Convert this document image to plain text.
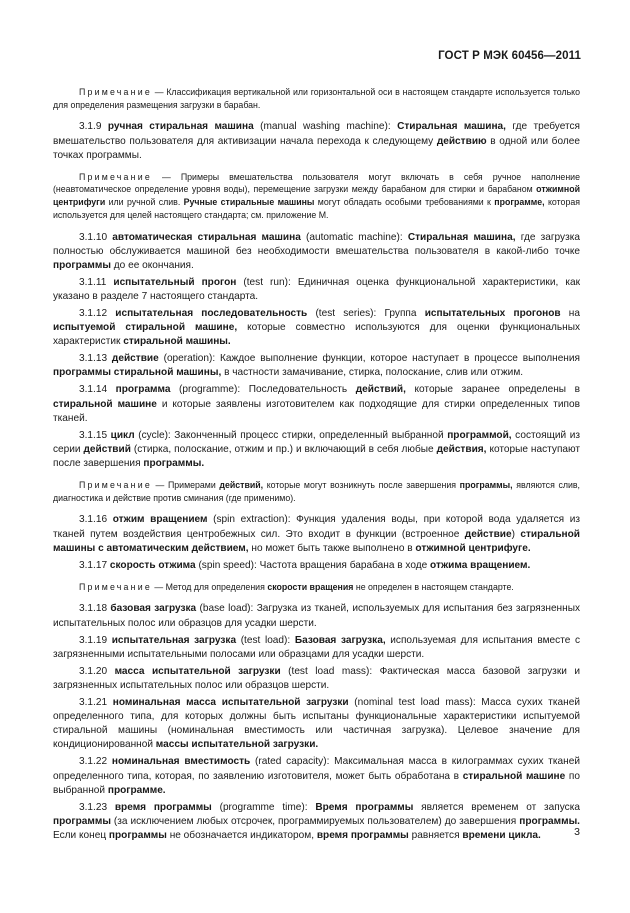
ГОСТ Р МЭК 60456—2011

Примечание — Классификация вертикальной или горизонтальной оси в настоящем стандарте используется только для определения размещения загрузки в барабан.

3.1.9 ручная стиральная машина (manual washing machine): Стиральная машина, где требуется вмешательство пользователя для активизации начала перехода к следующему действию в одной или более точках программы.

Примечание — Примеры вмешательства пользователя могут включать в себя ручное наполнение (неавтоматическое определение уровня воды), перемещение загрузки между барабаном для стирки и барабаном отжимной центрифуги или ручной слив. Ручные стиральные машины могут обладать особыми требованиями к программе, которая используется для целей настоящего стандарта; см. приложение М.

3.1.10 автоматическая стиральная машина (automatic machine): Стиральная машина, где загрузка полностью обслуживается машиной без необходимости вмешательства пользователя в какой-либо точке программы до ее окончания.

3.1.11 испытательный прогон (test run): Единичная оценка функциональной характеристики, как указано в разделе 7 настоящего стандарта.

3.1.12 испытательная последовательность (test series): Группа испытательных прогонов на испытуемой стиральной машине, которые совместно используются для оценки функциональных характеристик стиральной машины.

3.1.13 действие (operation): Каждое выполнение функции, которое наступает в процессе выполнения программы стиральной машины, в частности замачивание, стирка, полоскание, слив или отжим.

3.1.14 программа (programme): Последовательность действий, которые заранее определены в стиральной машине и которые заявлены изготовителем как подходящие для стирки определенных типов тканей.

3.1.15 цикл (cycle): Законченный процесс стирки, определенный выбранной программой, состоящий из серии действий (стирка, полоскание, отжим и пр.) и включающий в себя любые действия, которые наступают после завершения программы.

Примечание — Примерами действий, которые могут возникнуть после завершения программы, являются слив, диагностика и действие против сминания (где применимо).

3.1.16 отжим вращением (spin extraction): Функция удаления воды, при которой вода удаляется из тканей путем воздействия центробежных сил. Это входит в функции (встроенное действие) стиральной машины с автоматическим действием, но может быть также выполнено в отжимной центрифуге.

3.1.17 скорость отжима (spin speed): Частота вращения барабана в ходе отжима вращением.

Примечание — Метод для определения скорости вращения не определен в настоящем стандарте.

3.1.18 базовая загрузка (base load): Загрузка из тканей, используемых для испытания без загрязненных испытательных полос или образцов для усадки шерсти.

3.1.19 испытательная загрузка (test load): Базовая загрузка, используемая для испытания вместе с загрязненными испытательными полосами или образцами для усадки шерсти.

3.1.20 масса испытательной загрузки (test load mass): Фактическая масса базовой загрузки и загрязненных испытательных полос или образцов шерсти.

3.1.21 номинальная масса испытательной загрузки (nominal test load mass): Масса сухих тканей определенного типа, для которых должны быть испытаны функциональные характеристики испытуемой стиральной машины (номинальная вместимость или частичная загрузка). Целевое значение для кондиционированной массы испытательной загрузки.

3.1.22 номинальная вместимость (rated capacity): Максимальная масса в килограммах сухих тканей определенного типа, которая, по заявлению изготовителя, может быть обработана в стиральной машине по выбранной программе.

3.1.23 время программы (programme time): Время программы является временем от запуска программы (за исключением любых отсрочек, программируемых пользователем) до завершения программы. Если конец программы не обозначается индикатором, время программы равняется времени цикла.	3
